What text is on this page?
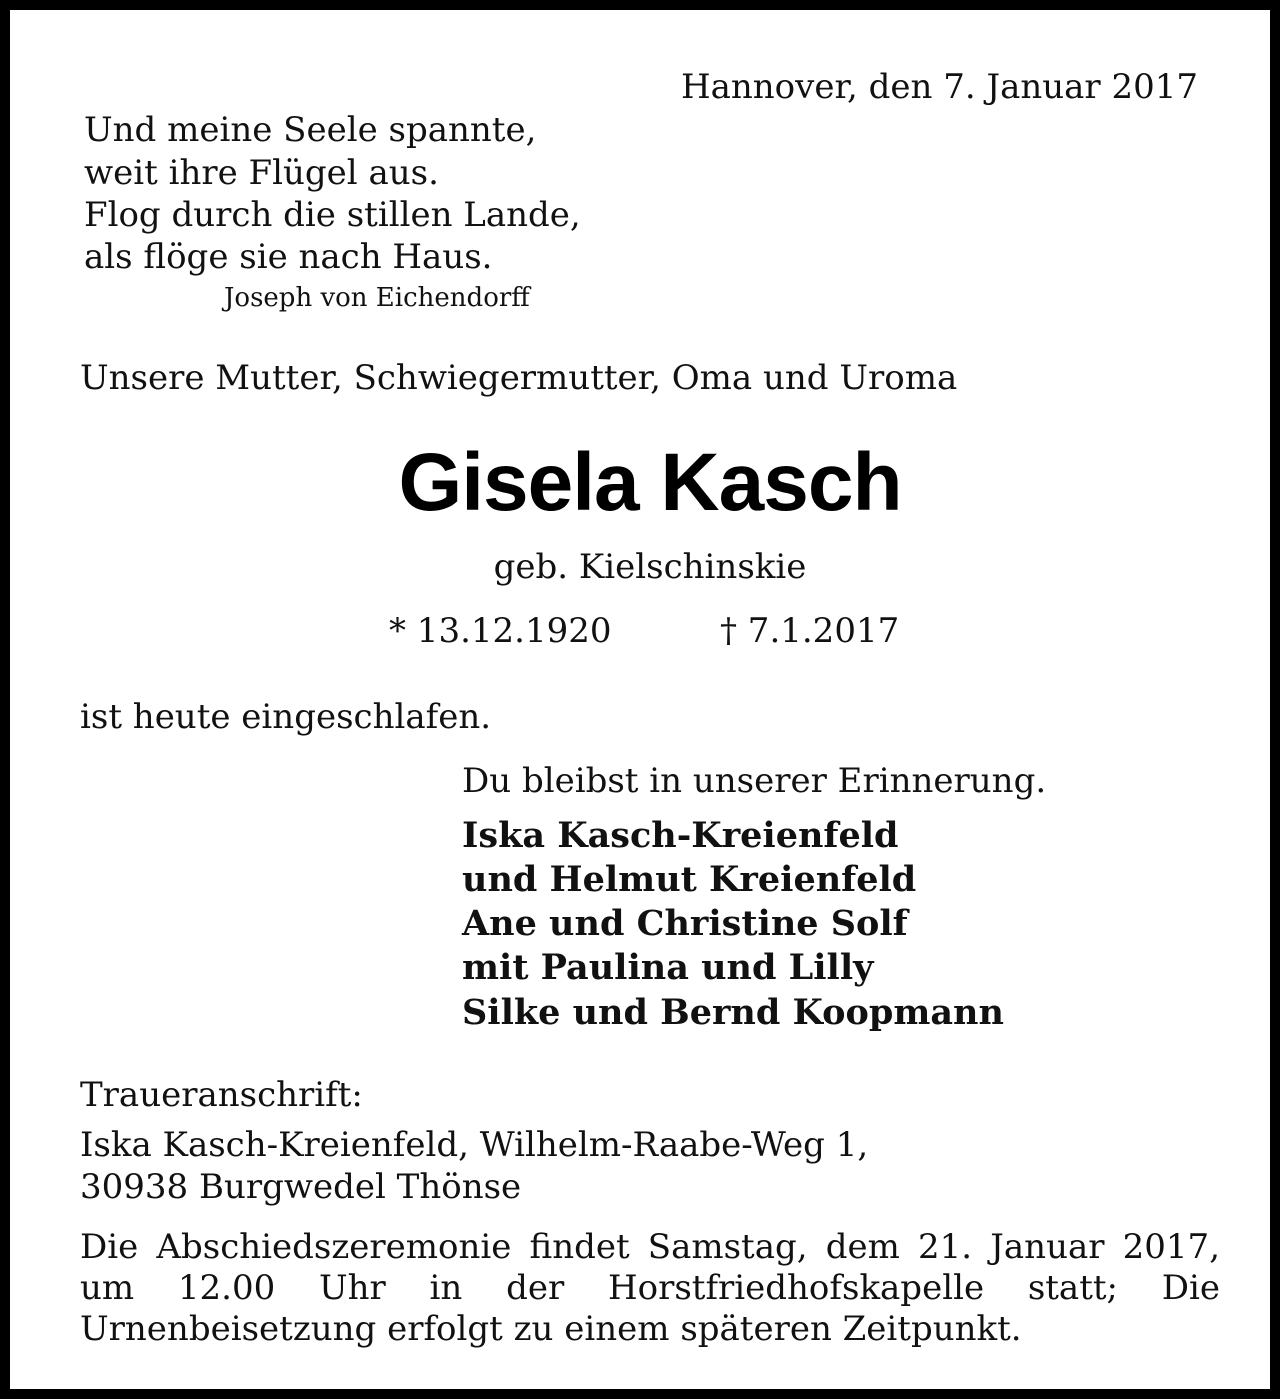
Hannover, den 7. Januar 2017
Und meine Seele spannte,
weit ihre Flügel aus.
Flog durch die stillen Lande,
als flöge sie nach Haus.
Joseph von Eichendorff
Unsere Mutter, Schwiegermutter, Oma und Uroma
Gisela Kasch
geb. Kielschinskie
* 13.12.1920	† 7.1.2017
ist heute eingeschlafen.
Du bleibst in unserer Erinnerung.
Iska Kasch-Kreienfeld
und Helmut Kreienfeld
Ane und Christine Solf
mit Paulina und Lilly
Silke und Bernd Koopmann
Traueranschrift:
Iska Kasch-Kreienfeld, Wilhelm-Raabe-Weg 1,
30938 Burgwedel Thönse
Die Abschiedszeremonie findet Samstag, dem 21. Januar 2017, um 12.00 Uhr in der Horstfriedhofskapelle statt; Die Urnenbeisetzung erfolgt zu einem späteren Zeitpunkt.
